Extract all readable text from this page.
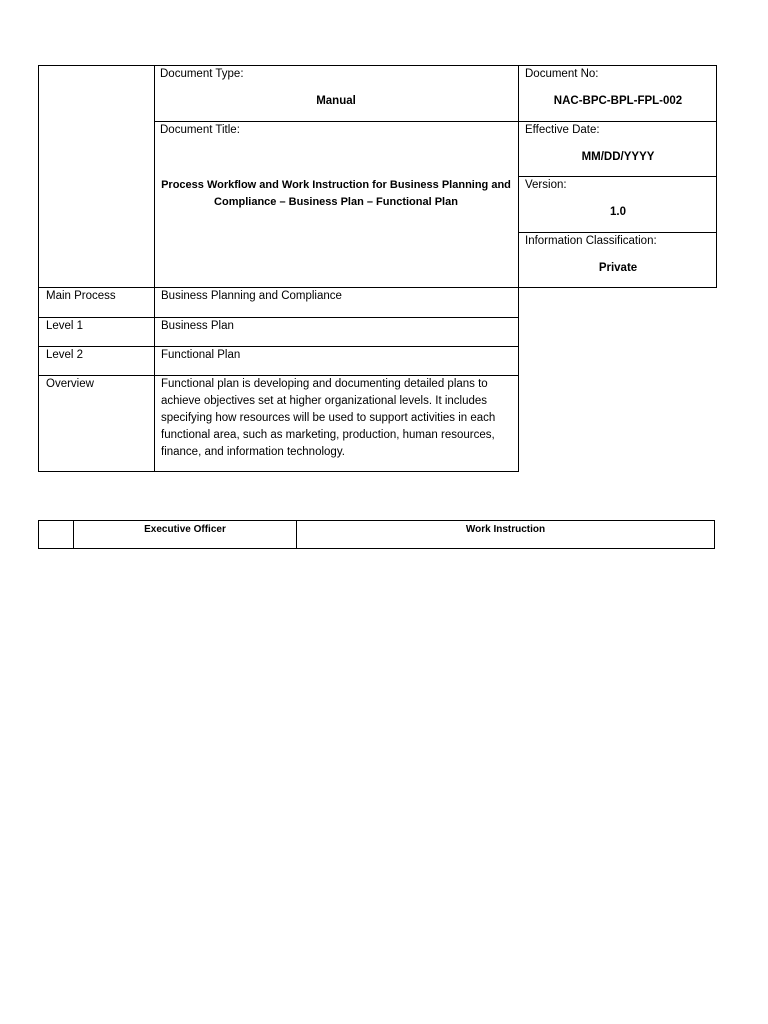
Document Type:
Manual
Document No:
NAC-BPC-BPL-FPL-002
Document Title:
Process Workflow and Work Instruction for Business Planning and
Compliance – Business Plan – Functional Plan
Effective Date:
MM/DD/YYYY
Version:
1.0
Information Classification:
Private
Main Process	Business Planning and Compliance
Level 1	Business Plan
Level 2	Functional Plan
Overview	Functional plan is developing and documenting detailed plans to
achieve objectives set at higher organizational levels. It includes
specifying how resources will be used to support activities in each
functional area, such as marketing, production, human resources,
finance, and information technology.
Executive Officer	Work Instruction
